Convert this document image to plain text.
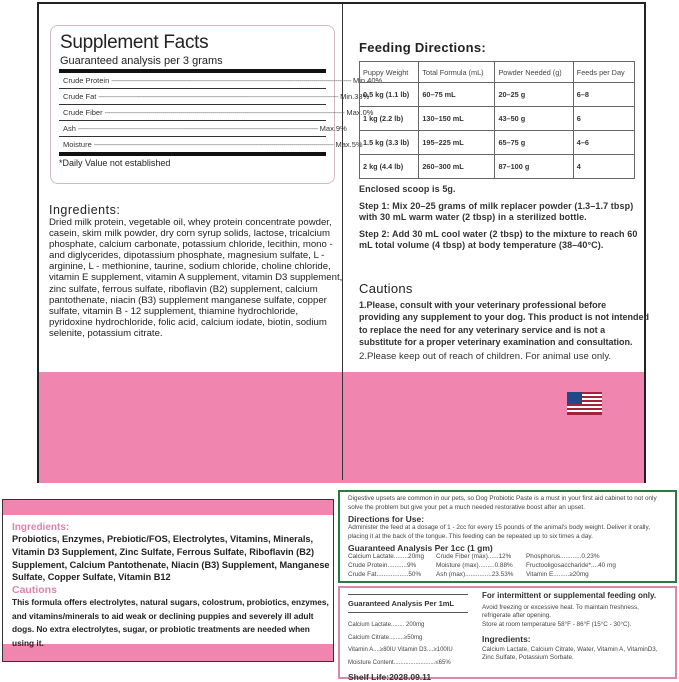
Supplement Facts
Guaranteed analysis per 3 grams
Crude Protein ------------------------------------------------------------------------------------------------------------------------ Min.40%
Crude Fat ------------------------------------------------------------------------------------------------------------------------ Min.33%
Crude Fiber ------------------------------------------------------------------------------------------------------------------------ Max.0%
Ash ------------------------------------------------------------------------------------------------------------------------ Max.9%
Moisture ------------------------------------------------------------------------------------------------------------------------ Max.5%
*Daily Value not established
Ingredients:

Dried milk protein, vegetable oil, whey protein concentrate powder, casein, skim milk powder, dry corn syrup solids, lactose, tricalcium phosphate, calcium carbonate, potassium chloride, lecithin, mono - and diglycerides, dipotassium phosphate, magnesium sulfate, L - arginine, L - methionine, taurine, sodium chloride, choline chloride, vitamin E supplement, vitamin A supplement, vitamin D3 supplement, zinc sulfate, ferrous sulfate, riboflavin (B2) supplement, calcium pantothenate, niacin (B3) supplement manganese sulfate, copper sulfate, vitamin B - 12 supplement, thiamine hydrochloride, pyridoxine hydrochloride, folic acid, calcium iodate, biotin, sodium selenite, potassium citrate.

Feeding Directions:
Puppy Weight	Total Formula (mL)	Powder Needed (g)	Feeds per Day
0.5 kg (1.1 lb)	60–75 mL	20–25 g	6–8
1 kg (2.2 lb)	130–150 mL	43–50 g	6
1.5 kg (3.3 lb)	195–225 mL	65–75 g	4–6
2 kg (4.4 lb)	260–300 mL	87–100 g	4

Enclosed scoop is 5g.

Step 1: Mix 20–25 grams of milk replacer powder (1.3–1.7 tbsp) with 30 mL warm water (2 tbsp) in a sterilized bottle.

Step 2: Add 30 mL cool water (2 tbsp) to the mixture to reach 60 mL total volume (4 tbsp) at body temperature (38–40°C).

Cautions

1.Please, consult with your veterinary professional before providing any supplement to your dog. This product is not intended to replace the need for any veterinary service and is not a substitute for a proper veterinary examination and consultation.

2.Please keep out of reach of children. For animal use only.

Ingredients:

Probiotics, Enzymes, Prebiotic/FOS, Electrolytes, Vitamins, Minerals, Vitamin D3 Supplement, Zinc Sulfate, Ferrous Sulfate, Riboflavin (B2) Supplement, Calcium Pantothenate, Niacin (B3) Supplement, Manganese Sulfate, Copper Sulfate, Vitamin B12

Cautions

This formula offers electrolytes, natural sugars, colostrum, probiotics, enzymes, and vitamins/minerals to aid weak or declining puppies and severely ill adult dogs. No extra electrolytes, sugar, or probiotic treatments are needed when using it.

Digestive upsets are common in our pets, so Dog Probiotic Paste is a must in your first aid cabinet to not only solve the problem but give your pet a much needed restorative boost after an upset.
Directions for Use:
Administer the feed at a dosage of 1 - 2cc for every 15 pounds of the animal's body weight. Deliver it orally, placing it at the back of the tongue. This feeding can be repeated up to six times a day.
Guaranteed Analysis Per 1cc (1 gm)
Calcium Lactate........20mg	Crude Fiber (max)......12%	Phosphorus............0.23%
Crude Protein...........9%	Moisture (max).........0.88%	Fructooligosaccharide*....40 mg
Crude Fat..................50%	Ash (max)...............23.53%	Vitamin E.........≥20mg
Guaranteed Analysis Per 1mL
Calcium Lactate........ 200mg
Calcium Citrate.........≥50mg
Vitamin A....≥80IU Vitamin D3....≥100IU
Moisture Content.........................≤65%
Shelf Life:2028.09.11
For intermittent or supplemental feeding only.
Avoid freezing or excessive heat. To maintain freshness, refrigerate after opening.
Store at room temperature 58°F - 86°F (15°C - 30°C).
Ingredients:
Calcium Lactate, Calcium Citrate, Water, Vitamin A, VitaminD3, Zinc Sulfate, Potassium Sorbate.
